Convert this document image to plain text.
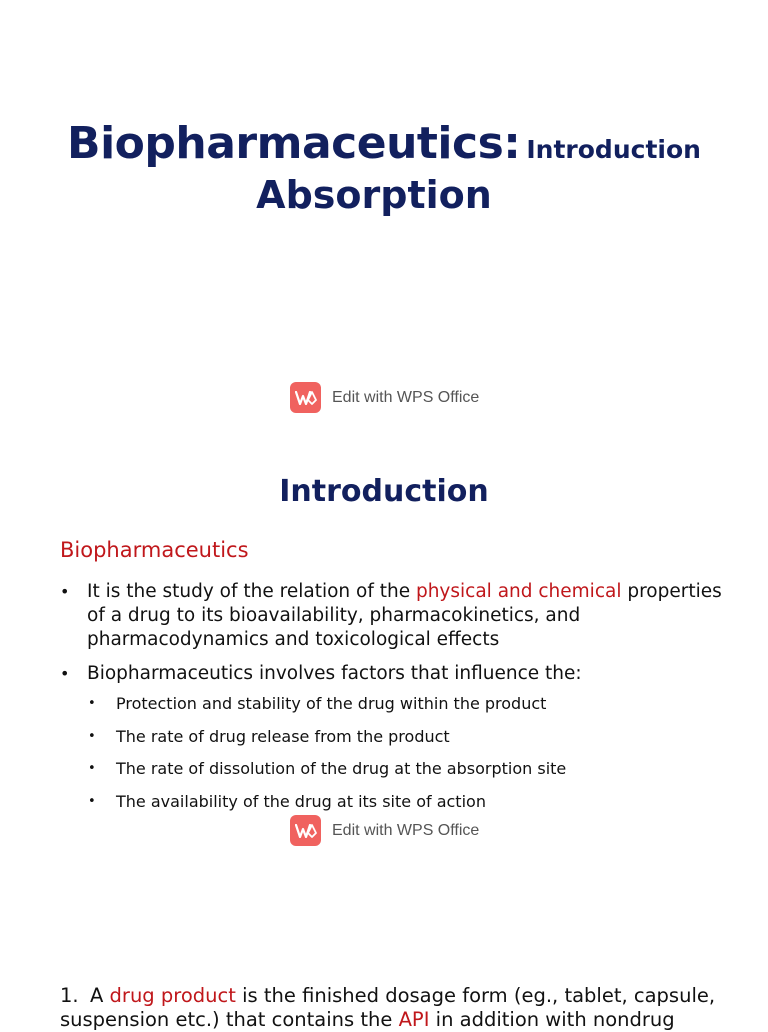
Biopharmaceutics: Introduction
Absorption
Edit with WPS Office
Introduction
Biopharmaceutics
• It is the study of the relation of the physical and chemical properties of a drug to its bioavailability, pharmacokinetics, and pharmacodynamics and toxicological effects
• Biopharmaceutics involves factors that influence the:
• Protection and stability of the drug within the product
• The rate of drug release from the product
• The rate of dissolution of the drug at the absorption site
• The availability of the drug at its site of action
Edit with WPS Office
1. A drug product is the finished dosage form (eg., tablet, capsule, suspension etc.) that contains the API in addition with nondrug
